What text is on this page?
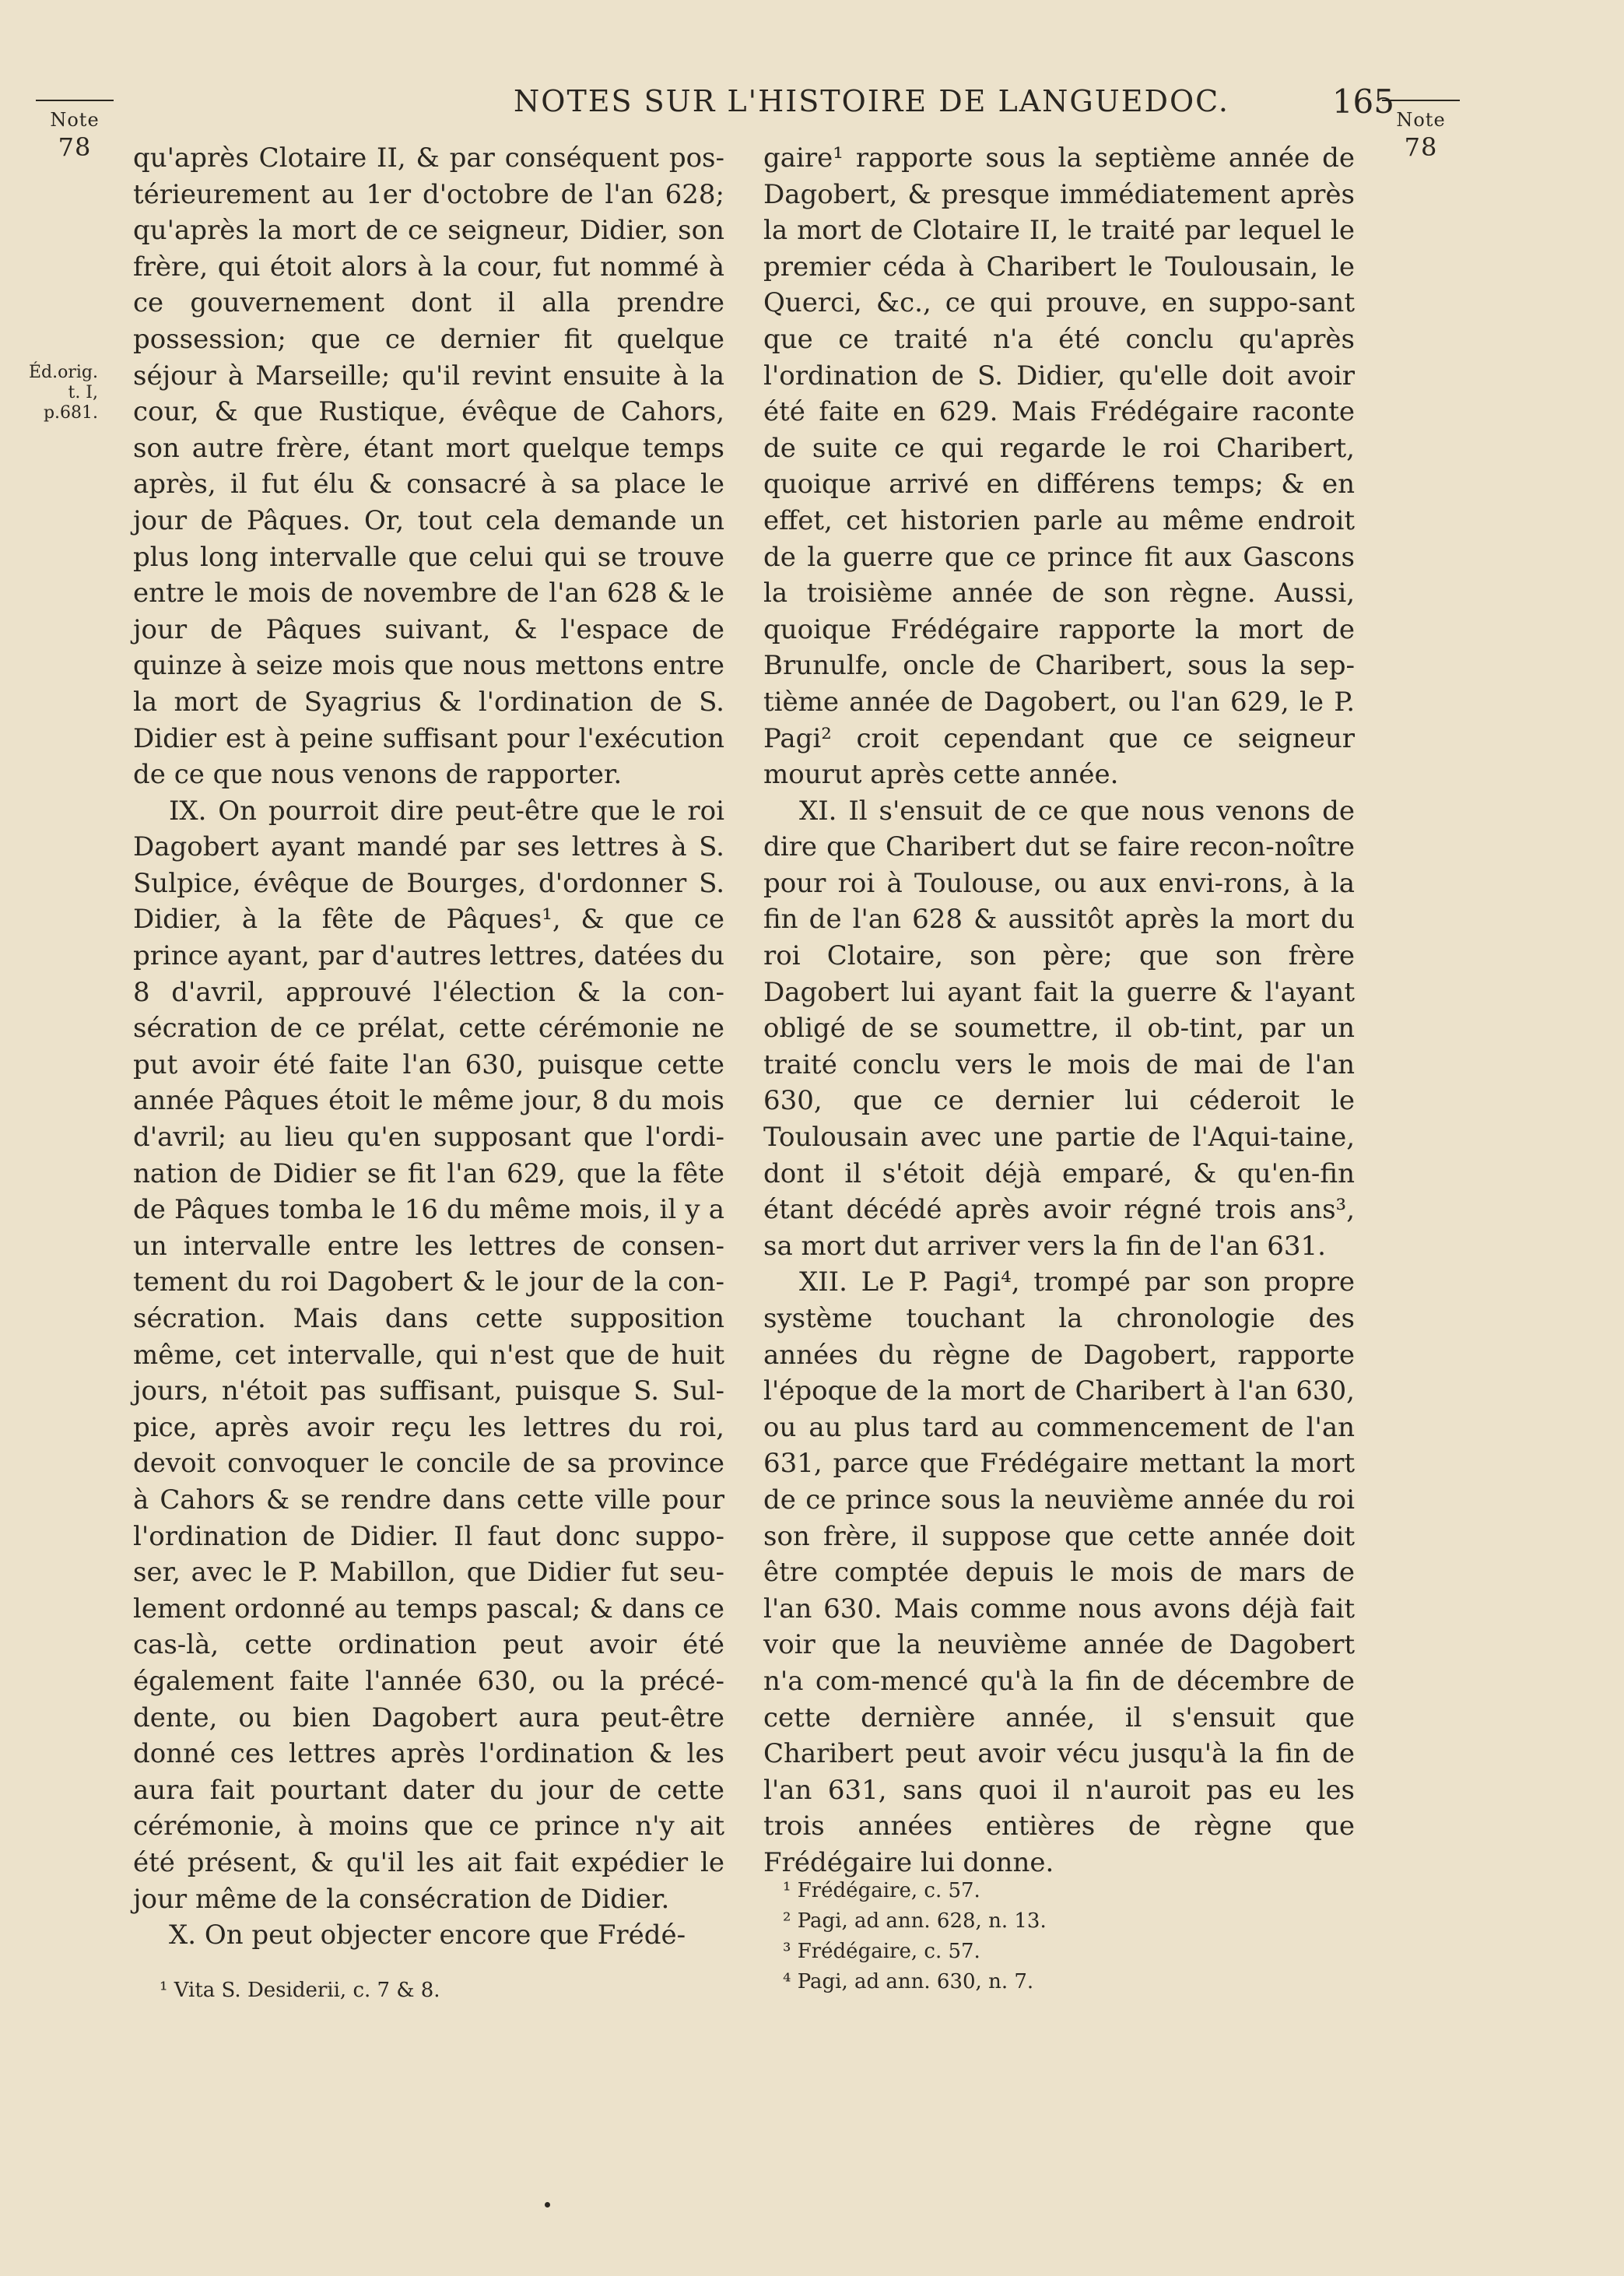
Note
78
NOTES SUR L'HISTOIRE DE LANGUEDOC.	165 Note
78
Éd.orig.
t. I,
p.681.

qu'après Clotaire II, & par conséquent pos-térieurement au 1er d'octobre de l'an 628; qu'après la mort de ce seigneur, Didier, son frère, qui étoit alors à la cour, fut nommé à ce gouvernement dont il alla prendre possession; que ce dernier fit quelque séjour à Marseille; qu'il revint ensuite à la cour, & que Rustique, évêque de Cahors, son autre frère, étant mort quelque temps après, il fut élu & consacré à sa place le jour de Pâques. Or, tout cela demande un plus long intervalle que celui qui se trouve entre le mois de novembre de l'an 628 & le jour de Pâques suivant, & l'espace de quinze à seize mois que nous mettons entre la mort de Syagrius & l'ordination de S. Didier est à peine suffisant pour l'exécution de ce que nous venons de rapporter.

IX. On pourroit dire peut-être que le roi Dagobert ayant mandé par ses lettres à S. Sulpice, évêque de Bourges, d'ordonner S. Didier, à la fête de Pâques¹, & que ce prince ayant, par d'autres lettres, datées du 8 d'avril, approuvé l'élection & la con-sécration de ce prélat, cette cérémonie ne put avoir été faite l'an 630, puisque cette année Pâques étoit le même jour, 8 du mois d'avril; au lieu qu'en supposant que l'ordi-nation de Didier se fit l'an 629, que la fête de Pâques tomba le 16 du même mois, il y a un intervalle entre les lettres de consen-tement du roi Dagobert & le jour de la con-sécration. Mais dans cette supposition même, cet intervalle, qui n'est que de huit jours, n'étoit pas suffisant, puisque S. Sul-pice, après avoir reçu les lettres du roi, devoit convoquer le concile de sa province à Cahors & se rendre dans cette ville pour l'ordination de Didier. Il faut donc suppo-ser, avec le P. Mabillon, que Didier fut seu-lement ordonné au temps pascal; & dans ce cas-là, cette ordination peut avoir été également faite l'année 630, ou la précé-dente, ou bien Dagobert aura peut-être donné ces lettres après l'ordination & les aura fait pourtant dater du jour de cette cérémonie, à moins que ce prince n'y ait été présent, & qu'il les ait fait expédier le jour même de la consécration de Didier.

X. On peut objecter encore que Frédé-

gaire¹ rapporte sous la septième année de Dagobert, & presque immédiatement après la mort de Clotaire II, le traité par lequel le premier céda à Charibert le Toulousain, le Querci, &c., ce qui prouve, en suppo-sant que ce traité n'a été conclu qu'après l'ordination de S. Didier, qu'elle doit avoir été faite en 629. Mais Frédégaire raconte de suite ce qui regarde le roi Charibert, quoique arrivé en différens temps; & en effet, cet historien parle au même endroit de la guerre que ce prince fit aux Gascons la troisième année de son règne. Aussi, quoique Frédégaire rapporte la mort de Brunulfe, oncle de Charibert, sous la sep-tième année de Dagobert, ou l'an 629, le P. Pagi² croit cependant que ce seigneur mourut après cette année.

XI. Il s'ensuit de ce que nous venons de dire que Charibert dut se faire recon-noître pour roi à Toulouse, ou aux envi-rons, à la fin de l'an 628 & aussitôt après la mort du roi Clotaire, son père; que son frère Dagobert lui ayant fait la guerre & l'ayant obligé de se soumettre, il ob-tint, par un traité conclu vers le mois de mai de l'an 630, que ce dernier lui céderoit le Toulousain avec une partie de l'Aqui-taine, dont il s'étoit déjà emparé, & qu'en-fin étant décédé après avoir régné trois ans³, sa mort dut arriver vers la fin de l'an 631.

XII. Le P. Pagi⁴, trompé par son propre système touchant la chronologie des années du règne de Dagobert, rapporte l'époque de la mort de Charibert à l'an 630, ou au plus tard au commencement de l'an 631, parce que Frédégaire mettant la mort de ce prince sous la neuvième année du roi son frère, il suppose que cette année doit être comptée depuis le mois de mars de l'an 630. Mais comme nous avons déjà fait voir que la neuvième année de Dagobert n'a com-mencé qu'à la fin de décembre de cette dernière année, il s'ensuit que Charibert peut avoir vécu jusqu'à la fin de l'an 631, sans quoi il n'auroit pas eu les trois années entières de règne que Frédégaire lui donne.

¹ Vita S. Desiderii, c. 7 & 8.
¹ Frédégaire, c. 57.
² Pagi, ad ann. 628, n. 13.
³ Frédégaire, c. 57.
⁴ Pagi, ad ann. 630, n. 7.
